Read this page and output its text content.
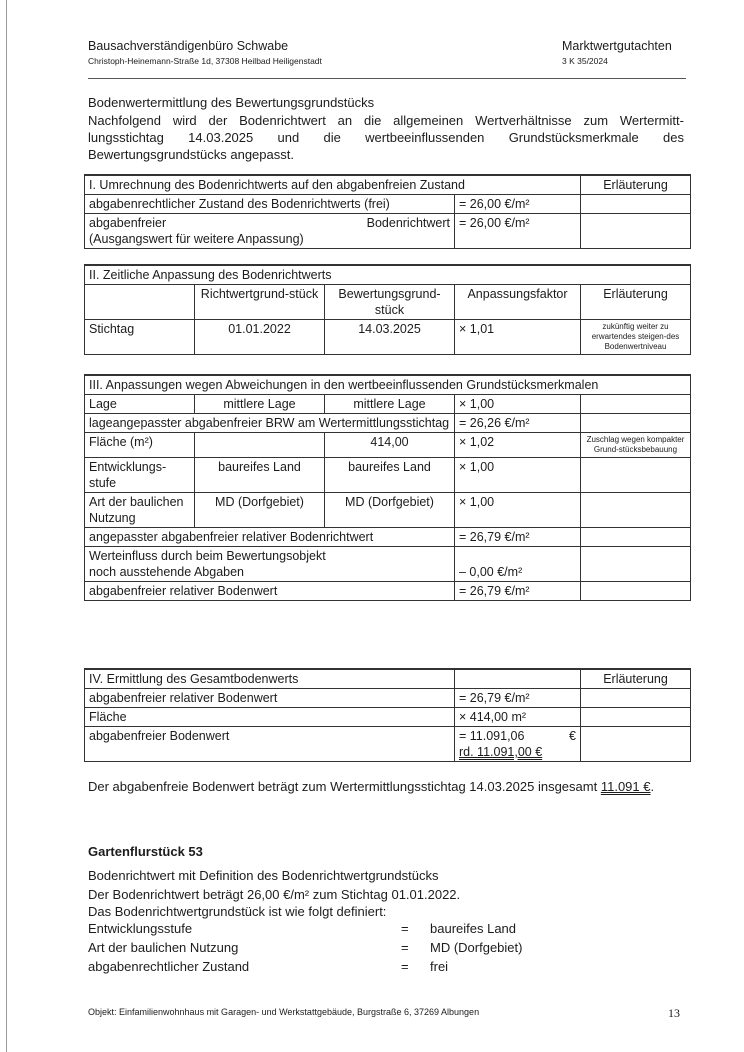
Bausachverständigenbüro Schwabe
Christoph-Heinemann-Straße 1d, 37308 Heilbad Heiligenstadt
Marktwertgutachten
3 K 35/2024
Bodenwertermittlung des Bewertungsgrundstücks
Nachfolgend wird der Bodenrichtwert an die allgemeinen Wertverhältnisse zum Wertermitt-
lungsstichtag 14.03.2025 und die wertbeeinflussenden Grundstücksmerkmale des
Bewertungsgrundstücks angepasst.
I. Umrechnung des Bodenrichtwerts auf den abgabenfreien Zustand		Erläuterung
abgabenrechtlicher Zustand des Bodenrichtwerts (frei)	= 26,00 €/m²	

abgabenfreier Bodenrichtwert
(Ausgangswert für weitere Anpassung)	= 26,00 €/m²	
II. Zeitliche Anpassung des Bodenrichtwerts				
	Richtwertgrund-stück	Bewertungsgrund-stück	Anpassungsfaktor	Erläuterung
Stichtag	01.01.2022	14.03.2025	× 1,01	zukünftig weiter zu erwartendes steigen-des Bodenwertniveau
III. Anpassungen wegen Abweichungen in den wertbeeinflussenden Grundstücksmerkmalen				
Lage	mittlere Lage	mittlere Lage	× 1,00	
lageangepasster abgabenfreier BRW am Wertermittlungsstichtag			= 26,26 €/m²	
Fläche (m²)		414,00	× 1,02	Zuschlag wegen kompakter Grund-stücksbebauung
Entwicklungs-stufe	baureifes Land	baureifes Land	× 1,00	
Art der baulichen Nutzung	MD (Dorfgebiet)	MD (Dorfgebiet)	× 1,00	
angepasster abgabenfreier relativer Bodenrichtwert			= 26,79 €/m²	
Werteinfluss durch beim Bewertungsobjekt noch ausstehende Abgaben			– 0,00 €/m²	
abgabenfreier relativer Bodenwert			= 26,79 €/m²	
IV. Ermittlung des Gesamtbodenwerts		Erläuterung
abgabenfreier relativer Bodenwert	= 26,79 €/m²	
Fläche	× 414,00 m²	
abgabenfreier Bodenwert	= 11.091,06 €
rd. 11.091,00 €	

Der abgabenfreie Bodenwert beträgt zum Wertermittlungsstichtag 14.03.2025 insgesamt 11.091 €.
Gartenflurstück 53
Bodenrichtwert mit Definition des Bodenrichtwertgrundstücks
Der Bodenrichtwert beträgt 26,00 €/m² zum Stichtag 01.01.2022.
Das Bodenrichtwertgrundstück ist wie folgt definiert:
Entwicklungsstufe	= baureifes Land
Art der baulichen Nutzung	= MD (Dorfgebiet)
abgabenrechtlicher Zustand	= frei
Objekt: Einfamilienwohnhaus mit Garagen- und Werkstattgebäude, Burgstraße 6, 37269 Albungen	13
